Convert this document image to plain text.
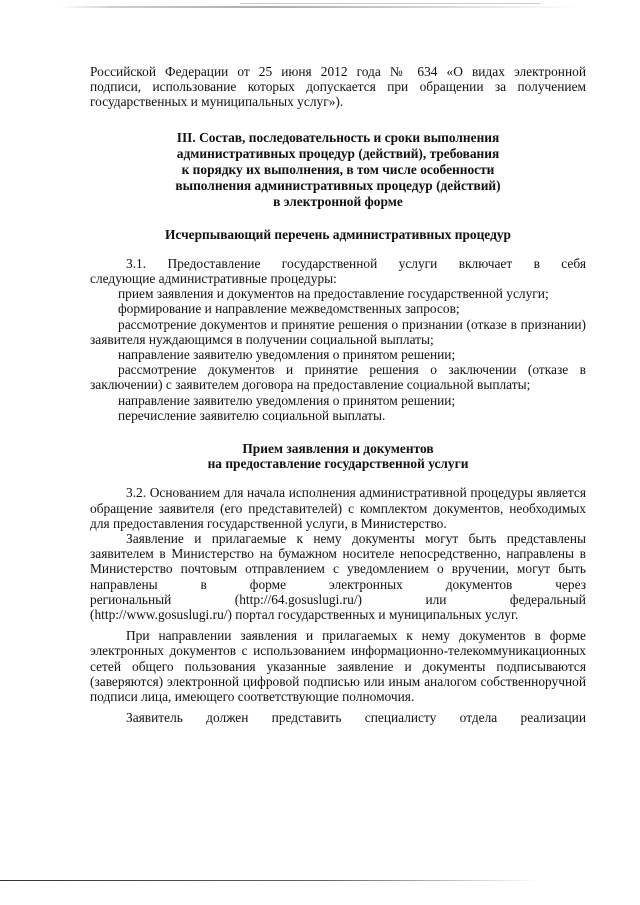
Российской Федерации от 25 июня 2012 года № 634 «О видах электронной

подписи, использование которых допускается при обращении за получением

государственных и муниципальных услуг»).

III. Состав, последовательность и сроки выполнения

административных процедур (действий), требования

к порядку их выполнения, в том числе особенности

выполнения административных процедур (действий)

в электронной форме

Исчерпывающий перечень административных процедур

3.1. Предоставление государственной услуги включает в себя

следующие административные процедуры:

прием заявления и документов на предоставление государственной услуги;

формирование и направление межведомственных запросов;

рассмотрение документов и принятие решения о признании (отказе в признании) заявителя нуждающимся в получении социальной выплаты;

направление заявителю уведомления о принятом решении;

рассмотрение документов и принятие решения о заключении (отказе в заключении) с заявителем договора на предоставление социальной выплаты;

направление заявителю уведомления о принятом решении;

перечисление заявителю социальной выплаты.

Прием заявления и документов

на предоставление государственной услуги

3.2. Основанием для начала исполнения административной процедуры является обращение заявителя (его представителей) с комплектом документов, необходимых для предоставления государственной услуги, в Министерство.

Заявление и прилагаемые к нему документы могут быть представлены заявителем в Министерство на бумажном носителе непосредственно, направлены в Министерство почтовым отправлением с уведомлением о вручении, могут быть направлены в форме электронных документов через

региональный	(http://64.gosuslugi.ru/)	или	федеральный

(http://www.gosuslugi.ru/) портал государственных и муниципальных услуг.

При направлении заявления и прилагаемых к нему документов в форме электронных документов с использованием информационно-телекоммуникационных сетей общего пользования указанные заявление и документы подписываются (заверяются) электронной цифровой подписью или иным аналогом собственноручной подписи лица, имеющего соответствующие полномочия.

Заявитель должен представить специалисту отдела реализации
